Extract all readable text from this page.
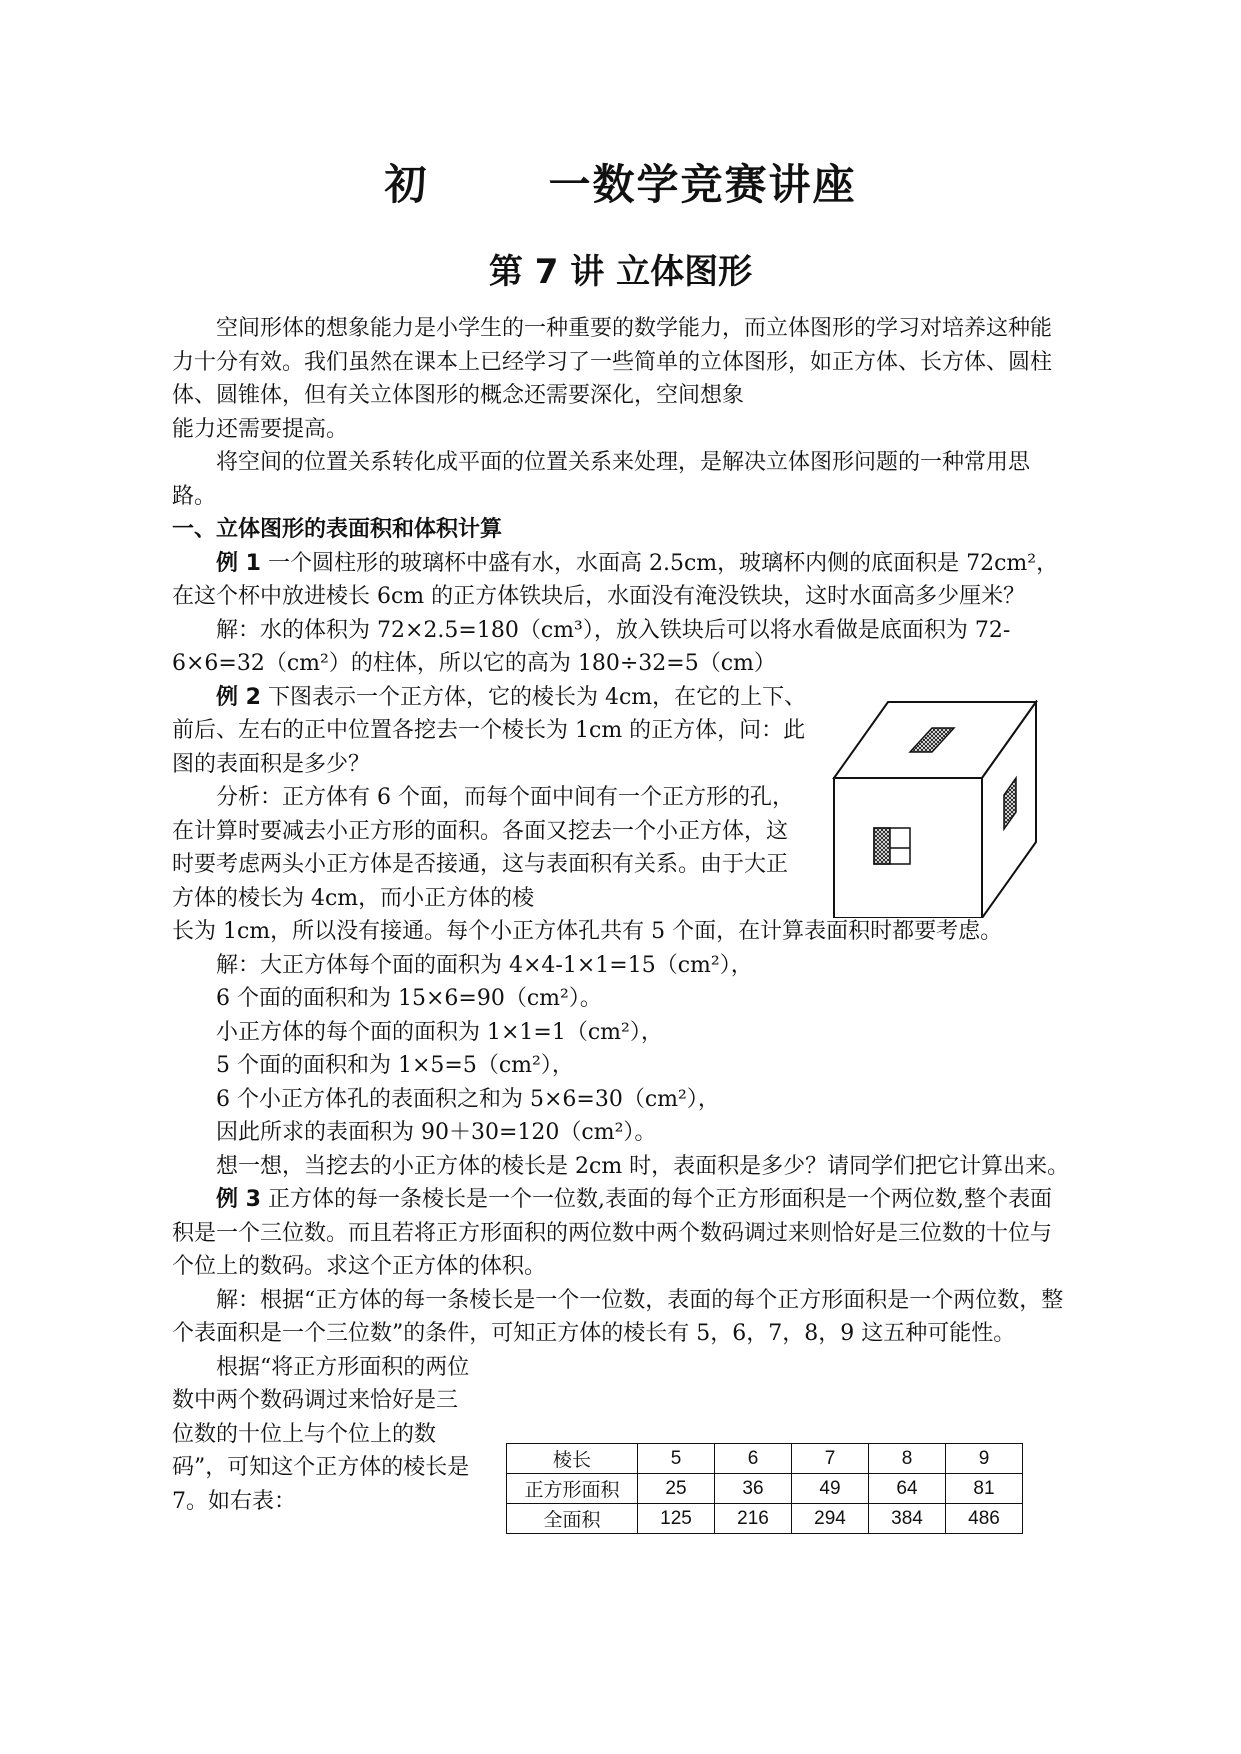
初	一数学竞赛讲座
第 7 讲 立体图形

空间形体的想象能力是小学生的一种重要的数学能力，而立体图形的学习对培养这种能力十分有效。我们虽然在课本上已经学习了一些简单的立体图形，如正方体、长方体、圆柱体、圆锥体，但有关立体图形的概念还需要深化，空间想象

能力还需要提高。

将空间的位置关系转化成平面的位置关系来处理，是解决立体图形问题的一种常用思路。

一、立体图形的表面积和体积计算

例 1 一个圆柱形的玻璃杯中盛有水，水面高 2.5cm，玻璃杯内侧的底面积是 72cm²，在这个杯中放进棱长 6cm 的正方体铁块后，水面没有淹没铁块，这时水面高多少厘米？

解：水的体积为 72×2.5=180（cm³），放入铁块后可以将水看做是底面积为 72-6×6=32（cm²）的柱体，所以它的高为 180÷32=5（cm）

例 2 下图表示一个正方体，它的棱长为 4cm，在它的上下、前后、左右的正中位置各挖去一个棱长为 1cm 的正方体，问：此图的表面积是多少？

分析：正方体有 6 个面，而每个面中间有一个正方形的孔，在计算时要减去小正方形的面积。各面又挖去一个小正方体，这时要考虑两头小正方体是否接通，这与表面积有关系。由于大正方体的棱长为 4cm，而小正方体的棱

长为 1cm，所以没有接通。每个小正方体孔共有 5 个面，在计算表面积时都要考虑。

解：大正方体每个面的面积为 4×4-1×1=15（cm²），

6 个面的面积和为 15×6=90（cm²）。

小正方体的每个面的面积为 1×1=1（cm²），

5 个面的面积和为 1×5=5（cm²），

6 个小正方体孔的表面积之和为 5×6=30（cm²），

因此所求的表面积为 90＋30=120（cm²）。

想一想，当挖去的小正方体的棱长是 2cm 时，表面积是多少？请同学们把它计算出来。

例 3 正方体的每一条棱长是一个一位数,表面的每个正方形面积是一个两位数,整个表面积是一个三位数。而且若将正方形面积的两位数中两个数码调过来则恰好是三位数的十位与个位上的数码。求这个正方体的体积。

解：根据“正方体的每一条棱长是一个一位数，表面的每个正方形面积是一个两位数，整个表面积是一个三位数”的条件，可知正方体的棱长有 5，6，7，8，9 这五种可能性。

根据“将正方形面积的两位数中两个数码调过来恰好是三位数的十位上与个位上的数码”，可知这个正方体的棱长是 7。如右表：

棱长	5	6	7	8	9
正方形面积	25	36	49	64	81
全面积	125	216	294	384	486
